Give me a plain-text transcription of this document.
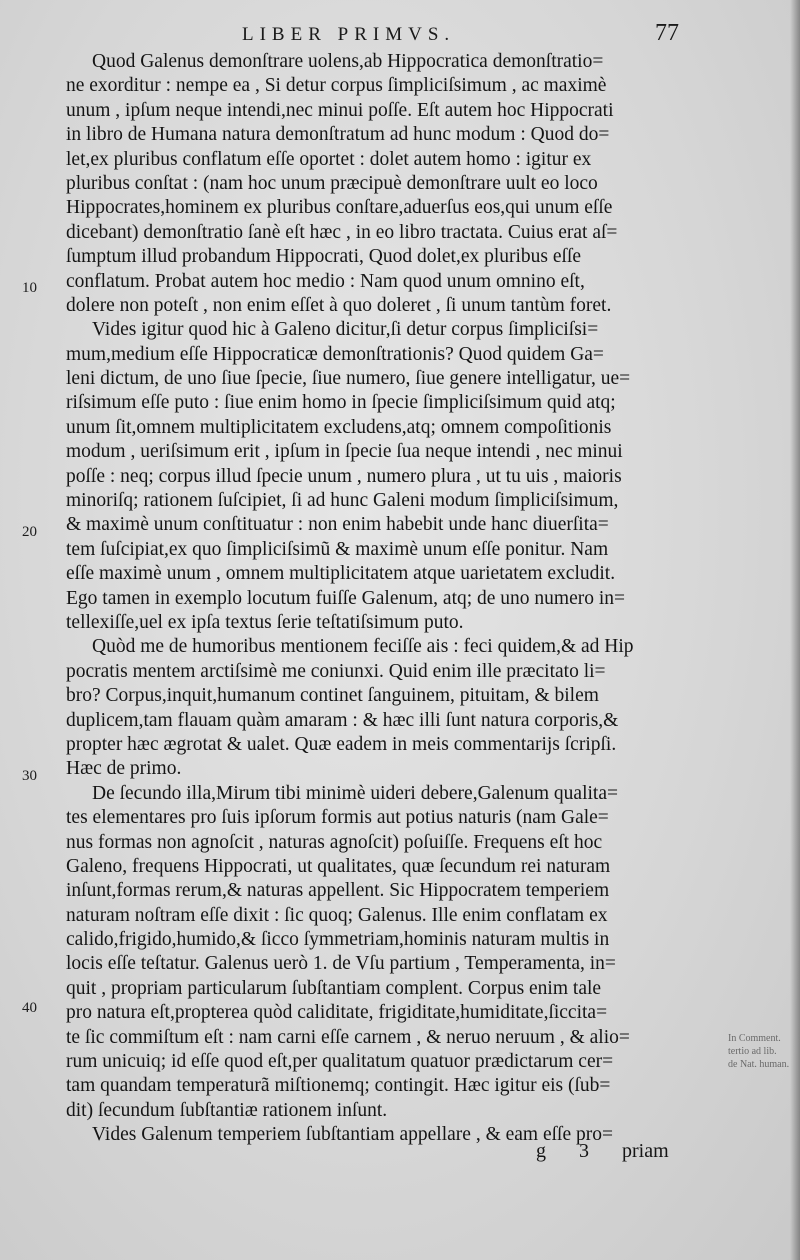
LIBER PRIMVS.	77
Quod Galenus demonſtrare uolens,ab Hippocratica demonſtratio=
ne exorditur : nempe ea , Si detur corpus ſimpliciſsimum , ac maximè
unum , ipſum neque intendi,nec minui poſſe. Eſt autem hoc Hippocrati
in libro de Humana natura demonſtratum ad hunc modum : Quod do=
let,ex pluribus conflatum eſſe oportet : dolet autem homo : igitur ex
pluribus conſtat : (nam hoc unum præcipuè demonſtrare uult eo loco
Hippocrates,hominem ex pluribus conſtare,aduerſus eos,qui unum eſſe
dicebant) demonſtratio ſanè eſt hæc , in eo libro tractata. Cuius erat aſ=
ſumptum illud probandum Hippocrati, Quod dolet,ex pluribus eſſe
conflatum. Probat autem hoc medio : Nam quod unum omnino eſt,
dolere non poteſt , non enim eſſet à quo doleret , ſi unum tantùm foret.
Vides igitur quod hic à Galeno dicitur,ſi detur corpus ſimpliciſsi=
mum,medium eſſe Hippocraticæ demonſtrationis? Quod quidem Ga=
leni dictum, de uno ſiue ſpecie, ſiue numero, ſiue genere intelligatur, ue=
riſsimum eſſe puto : ſiue enim homo in ſpecie ſimpliciſsimum quid atq;
unum ſit,omnem multiplicitatem excludens,atq; omnem compoſitionis
modum , ueriſsimum erit , ipſum in ſpecie ſua neque intendi , nec minui
poſſe : neq; corpus illud ſpecie unum , numero plura , ut tu uis , maioris
minoriſq; rationem ſuſcipiet, ſi ad hunc Galeni modum ſimpliciſsimum,
& maximè unum conſtituatur : non enim habebit unde hanc diuerſita=
tem ſuſcipiat,ex quo ſimpliciſsimũ & maximè unum eſſe ponitur. Nam
eſſe maximè unum , omnem multiplicitatem atque uarietatem excludit.
Ego tamen in exemplo locutum fuiſſe Galenum, atq; de uno numero in=
tellexiſſe,uel ex ipſa textus ſerie teſtatiſsimum puto.
Quòd me de humoribus mentionem feciſſe ais : feci quidem,& ad Hip
pocratis mentem arctiſsimè me coniunxi. Quid enim ille præcitato li=
bro? Corpus,inquit,humanum continet ſanguinem, pituitam, & bilem
duplicem,tam flauam quàm amaram : & hæc illi ſunt natura corporis,&
propter hæc ægrotat & ualet. Quæ eadem in meis commentarijs ſcripſi.
Hæc de primo.
De ſecundo illa,Mirum tibi minimè uideri debere,Galenum qualita=
tes elementares pro ſuis ipſorum formis aut potius naturis (nam Gale=
nus formas non agnoſcit , naturas agnoſcit) poſuiſſe. Frequens eſt hoc
Galeno, frequens Hippocrati, ut qualitates, quæ ſecundum rei naturam
inſunt,formas rerum,& naturas appellent. Sic Hippocratem temperiem
naturam noſtram eſſe dixit : ſic quoq; Galenus. Ille enim conflatam ex
calido,frigido,humido,& ſicco ſymmetriam,hominis naturam multis in
locis eſſe teſtatur. Galenus uerò 1. de Vſu partium , Temperamenta, in=
quit , propriam particularum ſubſtantiam complent. Corpus enim tale
pro natura eſt,propterea quòd caliditate, frigiditate,humiditate,ſiccita=
te ſic commiſtum eſt : nam carni eſſe carnem , & neruo neruum , & alio=
rum unicuiq; id eſſe quod eſt,per qualitatum quatuor prædictarum cer=
tam quandam temperaturã miſtionemq; contingit. Hæc igitur eis (ſub=
dit) ſecundum ſubſtantiæ rationem inſunt.
Vides Galenum temperiem ſubſtantiam appellare , & eam eſſe pro=
10
20
30
40
In Comment.
tertio ad lib.
de Nat. human.
g 3 priam
